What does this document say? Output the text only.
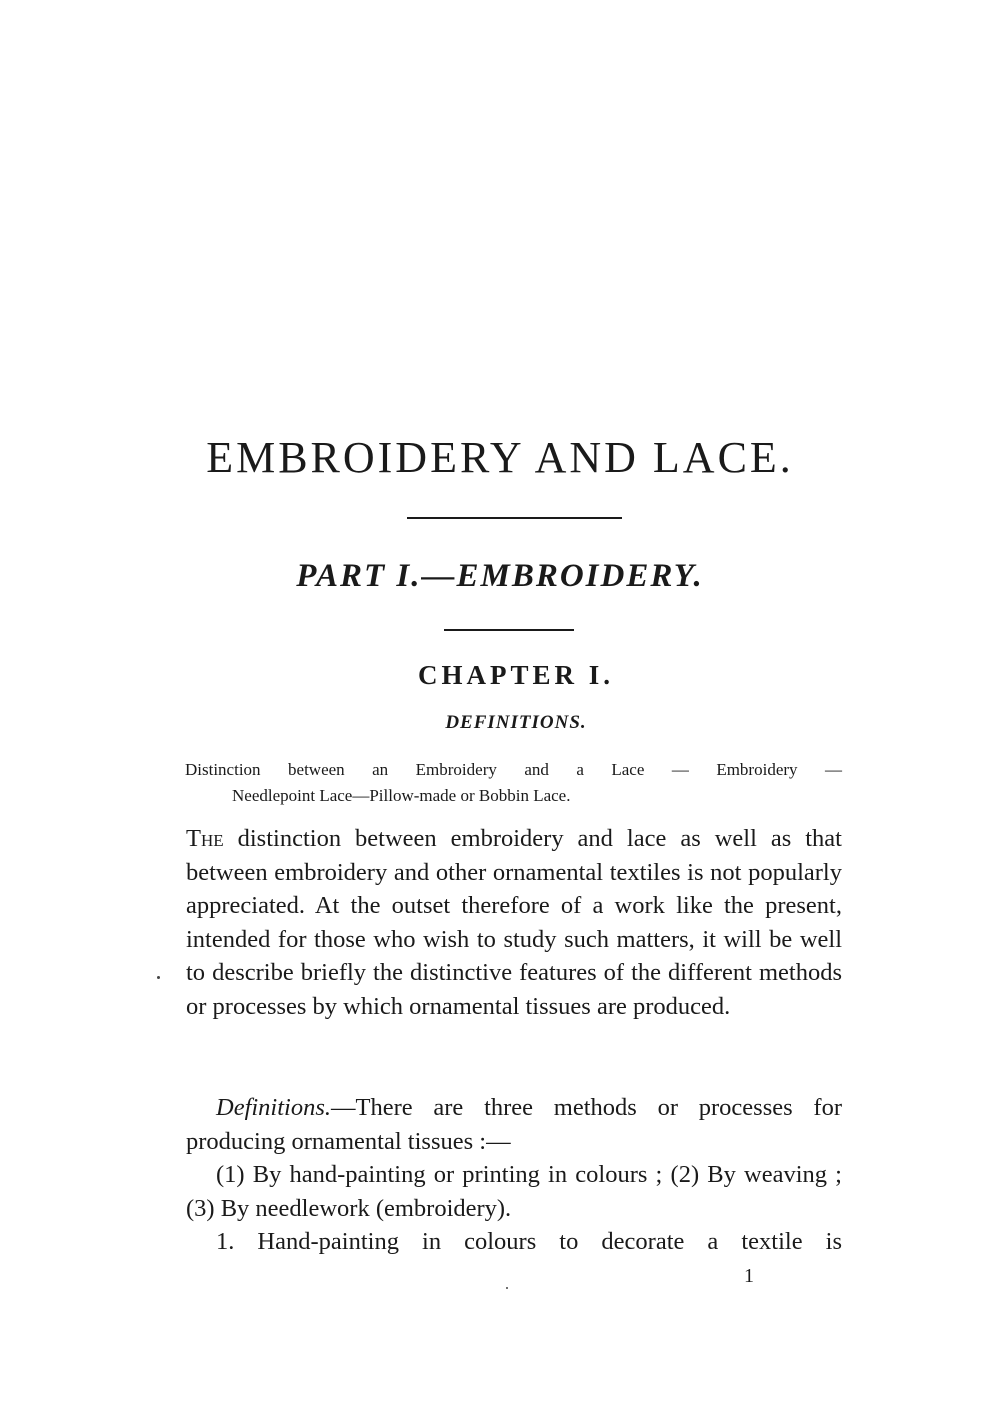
EMBROIDERY AND LACE.
PART I.—EMBROIDERY.
CHAPTER I.
DEFINITIONS.

Distinction between an Embroidery and a Lace — Embroidery —

Needlepoint Lace—Pillow-made or Bobbin Lace.

The distinction between embroidery and lace as well as that between embroidery and other ornamental textiles is not popularly appreciated. At the outset therefore of a work like the present, intended for those who wish to study such matters, it will be well to describe briefly the distinctive features of the different methods or processes by which ornamental tissues are produced.

Definitions.—There are three methods or processes for producing ornamental tissues :—

(1) By hand-painting or printing in colours ; (2) By weaving ; (3) By needlework (embroidery).

1. Hand-painting in colours to decorate a textile is

1
